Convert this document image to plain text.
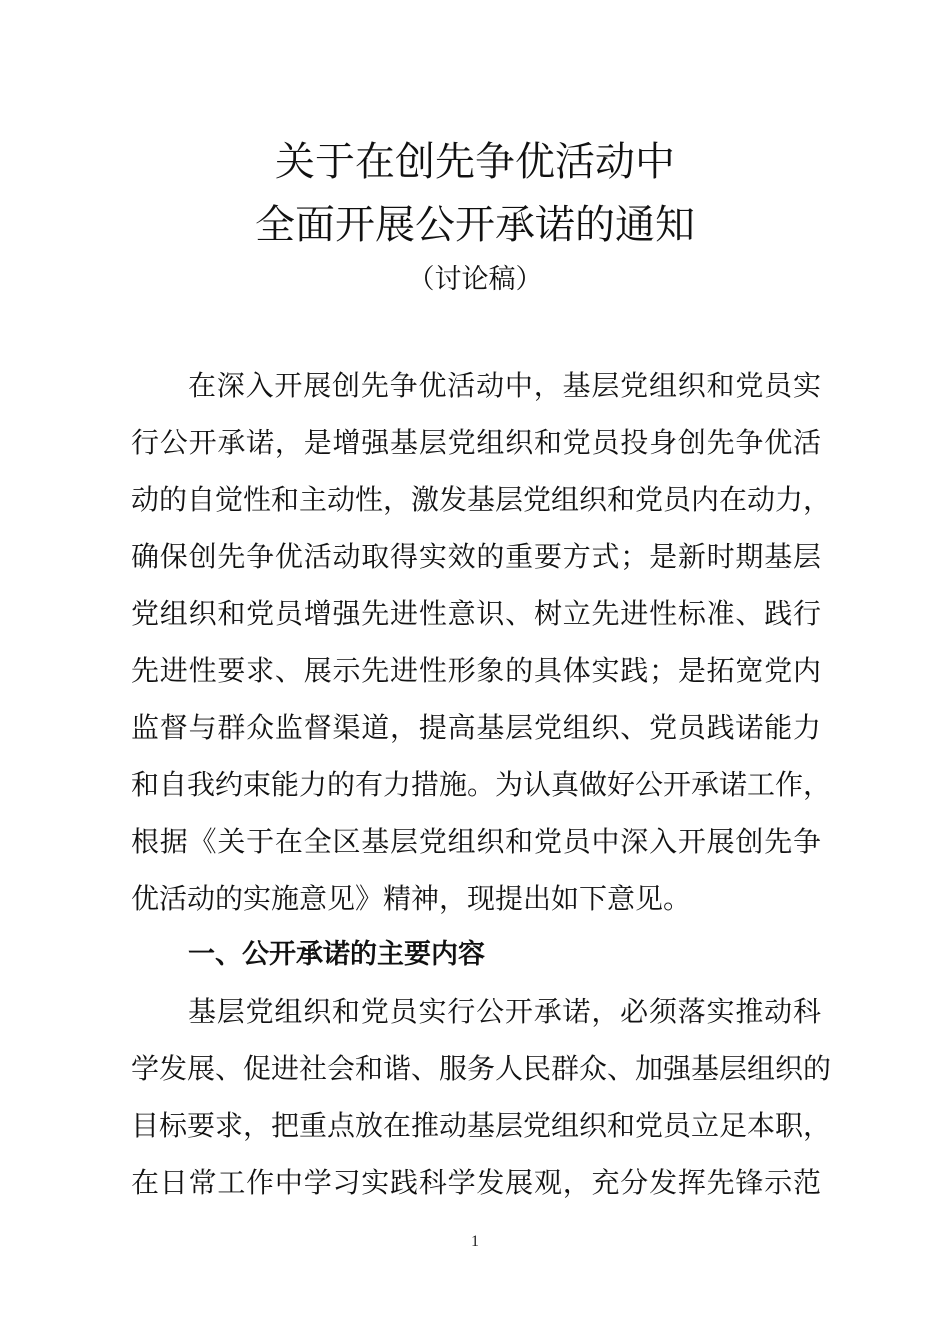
关于在创先争优活动中
全面开展公开承诺的通知
（讨论稿）
在深入开展创先争优活动中，基层党组织和党员实
行公开承诺，是增强基层党组织和党员投身创先争优活
动的自觉性和主动性，激发基层党组织和党员内在动力，
确保创先争优活动取得实效的重要方式；是新时期基层
党组织和党员增强先进性意识、树立先进性标准、践行
先进性要求、展示先进性形象的具体实践；是拓宽党内
监督与群众监督渠道，提高基层党组织、党员践诺能力
和自我约束能力的有力措施。为认真做好公开承诺工作，
根据《关于在全区基层党组织和党员中深入开展创先争
优活动的实施意见》精神，现提出如下意见。
一、公开承诺的主要内容
基层党组织和党员实行公开承诺，必须落实推动科
学发展、促进社会和谐、服务人民群众、加强基层组织的
目标要求，把重点放在推动基层党组织和党员立足本职，
在日常工作中学习实践科学发展观，充分发挥先锋示范
1
